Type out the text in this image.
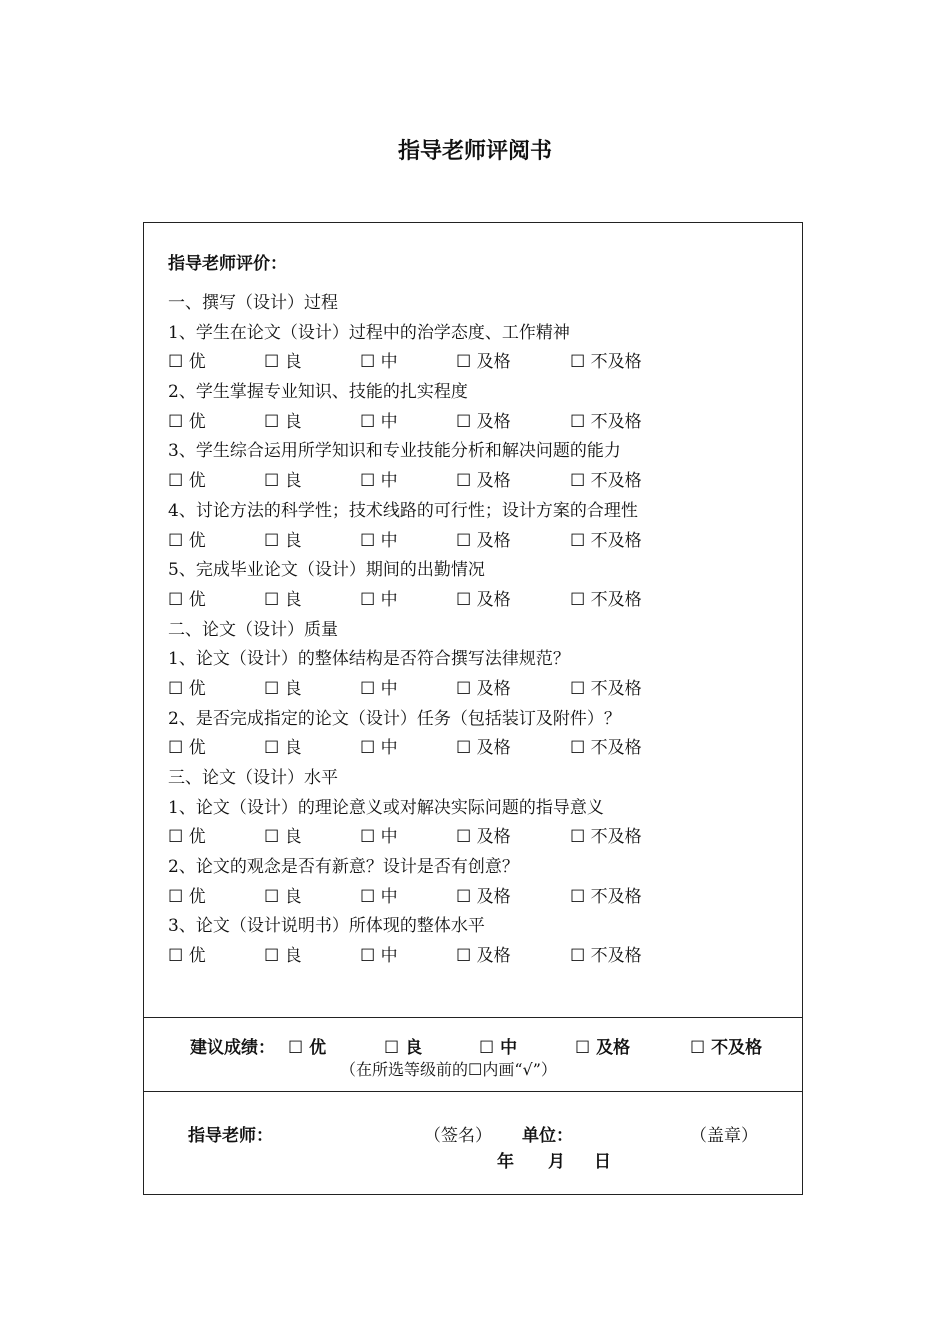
指导老师评阅书
指导老师评价：
一、撰写（设计）过程
1、学生在论文（设计）过程中的治学态度、工作精神
☐ 优	☐ 良	☐ 中	☐ 及格	☐ 不及格
2、学生掌握专业知识、技能的扎实程度
☐ 优	☐ 良	☐ 中	☐ 及格	☐ 不及格
3、学生综合运用所学知识和专业技能分析和解决问题的能力
☐ 优	☐ 良	☐ 中	☐ 及格	☐ 不及格
4、讨论方法的科学性；技术线路的可行性；设计方案的合理性
☐ 优	☐ 良	☐ 中	☐ 及格	☐ 不及格
5、完成毕业论文（设计）期间的出勤情况
☐ 优	☐ 良	☐ 中	☐ 及格	☐ 不及格
二、论文（设计）质量
1、论文（设计）的整体结构是否符合撰写法律规范？
☐ 优	☐ 良	☐ 中	☐ 及格	☐ 不及格
2、是否完成指定的论文（设计）任务（包括装订及附件）？
☐ 优	☐ 良	☐ 中	☐ 及格	☐ 不及格
三、论文（设计）水平
1、论文（设计）的理论意义或对解决实际问题的指导意义
☐ 优	☐ 良	☐ 中	☐ 及格	☐ 不及格
2、论文的观念是否有新意？设计是否有创意？
☐ 优	☐ 良	☐ 中	☐ 及格	☐ 不及格
3、论文（设计说明书）所体现的整体水平
☐ 优	☐ 良	☐ 中	☐ 及格	☐ 不及格
建议成绩： ☐ 优	☐ 良	☐ 中	☐ 及格	☐ 不及格
（在所选等级前的☐内画“√”）
指导老师：	（签名） 单位：	（盖章）
年 月 日
